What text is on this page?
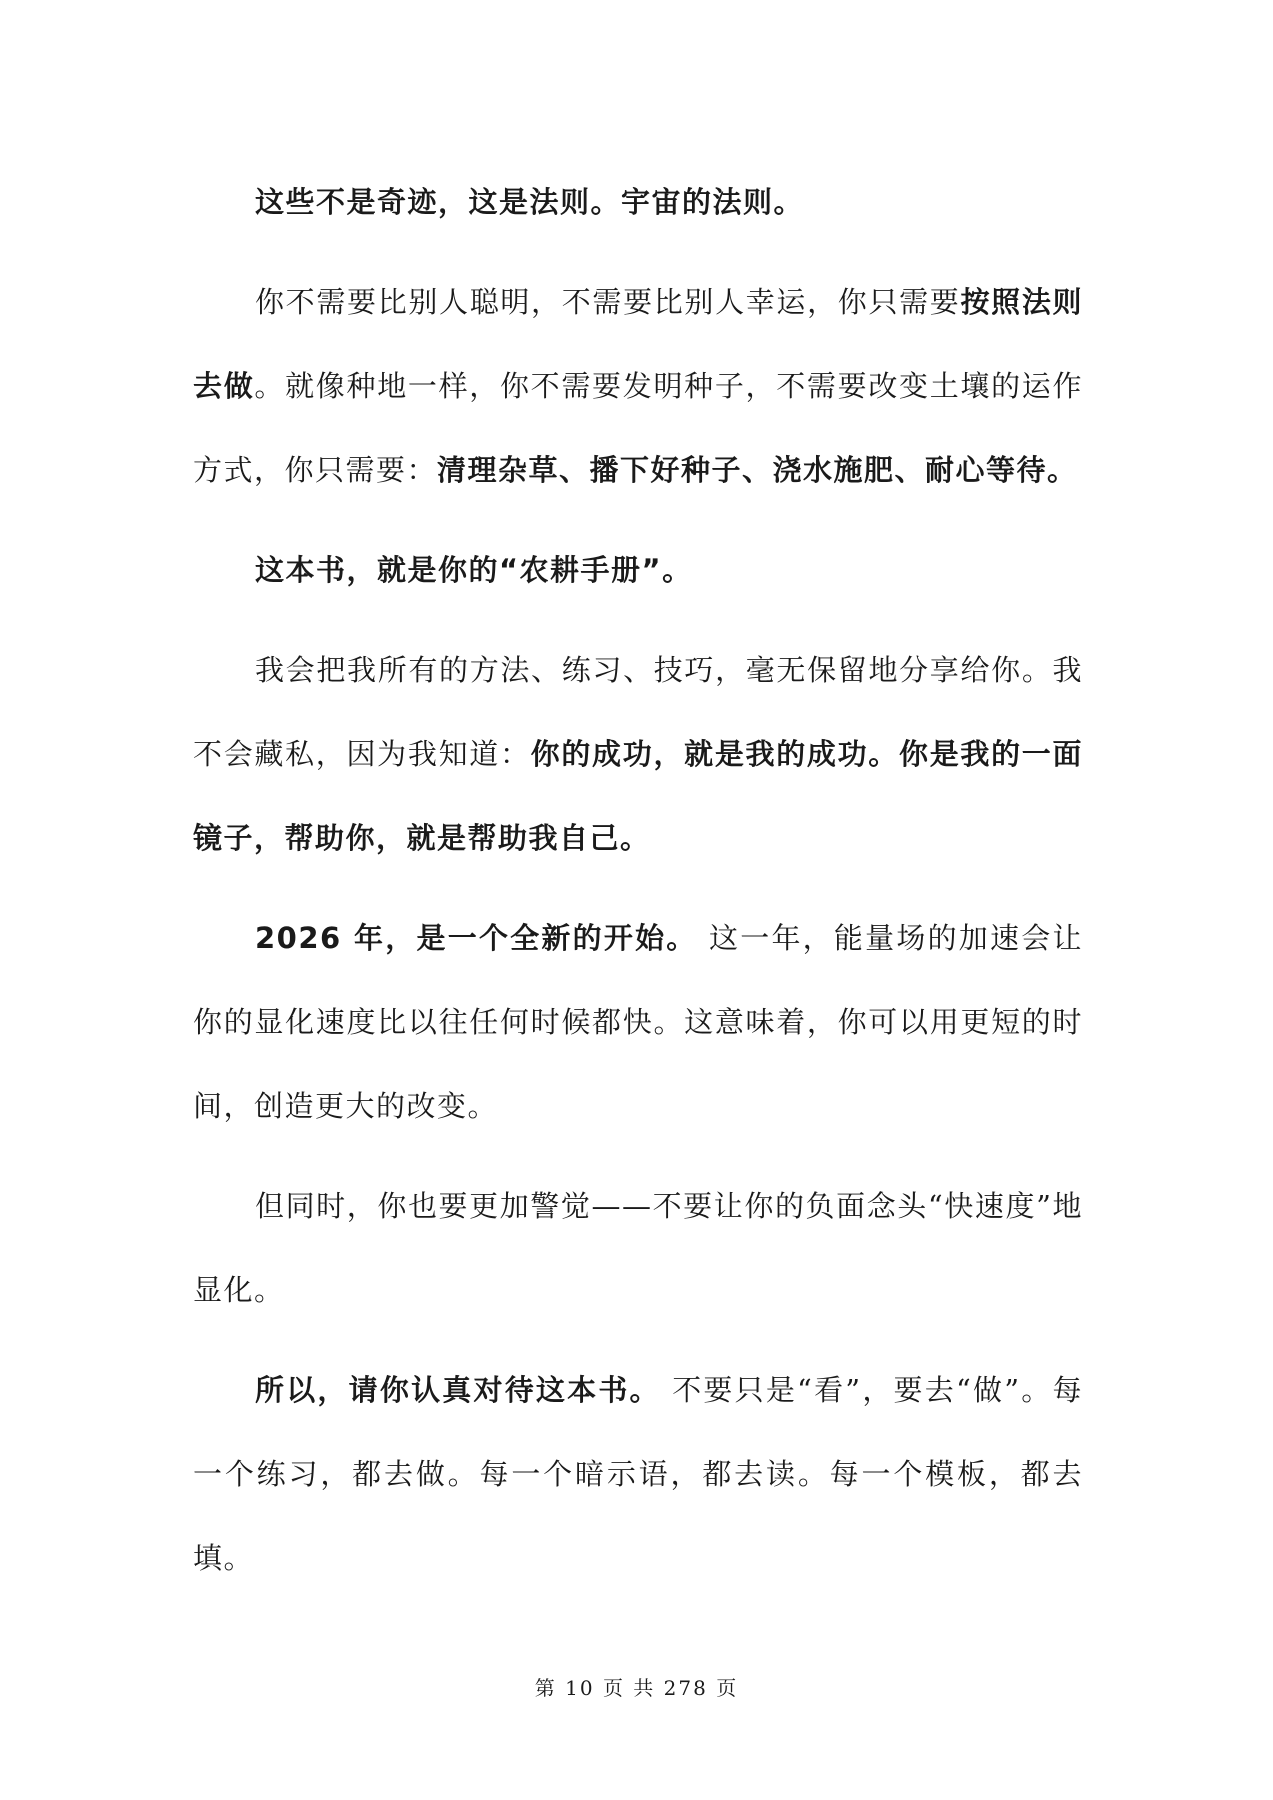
这些不是奇迹，这是法则。宇宙的法则。

你不需要比别人聪明，不需要比别人幸运，你只需要按照法则去做。就像种地一样，你不需要发明种子，不需要改变土壤的运作方式，你只需要：清理杂草、播下好种子、浇水施肥、耐心等待。

这本书，就是你的“农耕手册”。

我会把我所有的方法、练习、技巧，毫无保留地分享给你。我不会藏私，因为我知道：你的成功，就是我的成功。你是我的一面镜子，帮助你，就是帮助我自己。

2026 年，是一个全新的开始。 这一年，能量场的加速会让你的显化速度比以往任何时候都快。这意味着，你可以用更短的时间，创造更大的改变。

但同时，你也要更加警觉——不要让你的负面念头“快速度”地显化。

所以，请你认真对待这本书。 不要只是“看”，要去“做”。每一个练习，都去做。每一个暗示语，都去读。每一个模板，都去填。

第 10 页 共 278 页
